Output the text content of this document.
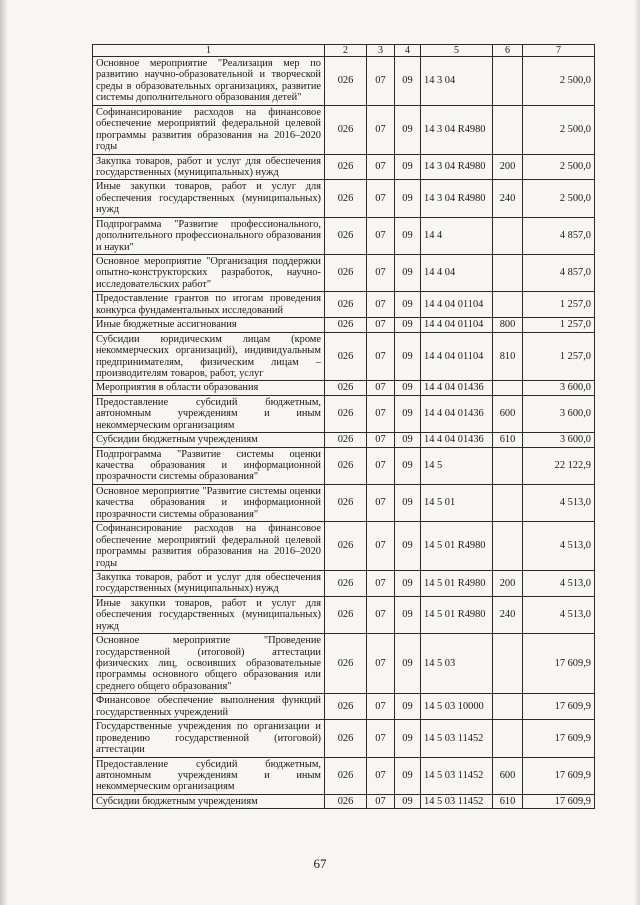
1	2	3	4	5	6	7
Основное мероприятие "Реализация мер по развитию научно-образовательной и творческой среды в образовательных организациях, развитие системы дополнительного образования детей"	026	07	09	14 3 04		2 500,0
Софинансирование расходов на финансовое обеспечение мероприятий федеральной целевой программы развития образования на 2016–2020 годы	026	07	09	14 3 04 R4980		2 500,0
Закупка товаров, работ и услуг для обеспечения государственных (муниципальных) нужд	026	07	09	14 3 04 R4980	200	2 500,0
Иные закупки товаров, работ и услуг для обеспечения государственных (муниципальных) нужд	026	07	09	14 3 04 R4980	240	2 500,0
Подпрограмма "Развитие профессионального, дополнительного профессионального образования и науки"	026	07	09	14 4		4 857,0
Основное мероприятие "Организация поддержки опытно-конструкторских разработок, научно-исследовательских работ"	026	07	09	14 4 04		4 857,0
Предоставление грантов по итогам проведения конкурса фундаментальных исследований	026	07	09	14 4 04 01104		1 257,0
Иные бюджетные ассигнования	026	07	09	14 4 04 01104	800	1 257,0
Субсидии юридическим лицам (кроме некоммерческих организаций), индивидуальным предпринимателям, физическим лицам – производителям товаров, работ, услуг	026	07	09	14 4 04 01104	810	1 257,0
Мероприятия в области образования	026	07	09	14 4 04 01436		3 600,0
Предоставление субсидий бюджетным, автономным учреждениям и иным некоммерческим организациям	026	07	09	14 4 04 01436	600	3 600,0
Субсидии бюджетным учреждениям	026	07	09	14 4 04 01436	610	3 600,0
Подпрограмма "Развитие системы оценки качества образования и информационной прозрачности системы образования"	026	07	09	14 5		22 122,9
Основное мероприятие "Развитие системы оценки качества образования и информационной прозрачности системы образования"	026	07	09	14 5 01		4 513,0
Софинансирование расходов на финансовое обеспечение мероприятий федеральной целевой программы развития образования на 2016–2020 годы	026	07	09	14 5 01 R4980		4 513,0
Закупка товаров, работ и услуг для обеспечения государственных (муниципальных) нужд	026	07	09	14 5 01 R4980	200	4 513,0
Иные закупки товаров, работ и услуг для обеспечения государственных (муниципальных) нужд	026	07	09	14 5 01 R4980	240	4 513,0
Основное мероприятие "Проведение государственной (итоговой) аттестации физических лиц, освоивших образовательные программы основного общего образования или среднего общего образования"	026	07	09	14 5 03		17 609,9
Финансовое обеспечение выполнения функций государственных учреждений	026	07	09	14 5 03 10000		17 609,9
Государственные учреждения по организации и проведению государственной (итоговой) аттестации	026	07	09	14 5 03 11452		17 609,9
Предоставление субсидий бюджетным, автономным учреждениям и иным некоммерческим организациям	026	07	09	14 5 03 11452	600	17 609,9
Субсидии бюджетным учреждениям	026	07	09	14 5 03 11452	610	17 609,9
67
